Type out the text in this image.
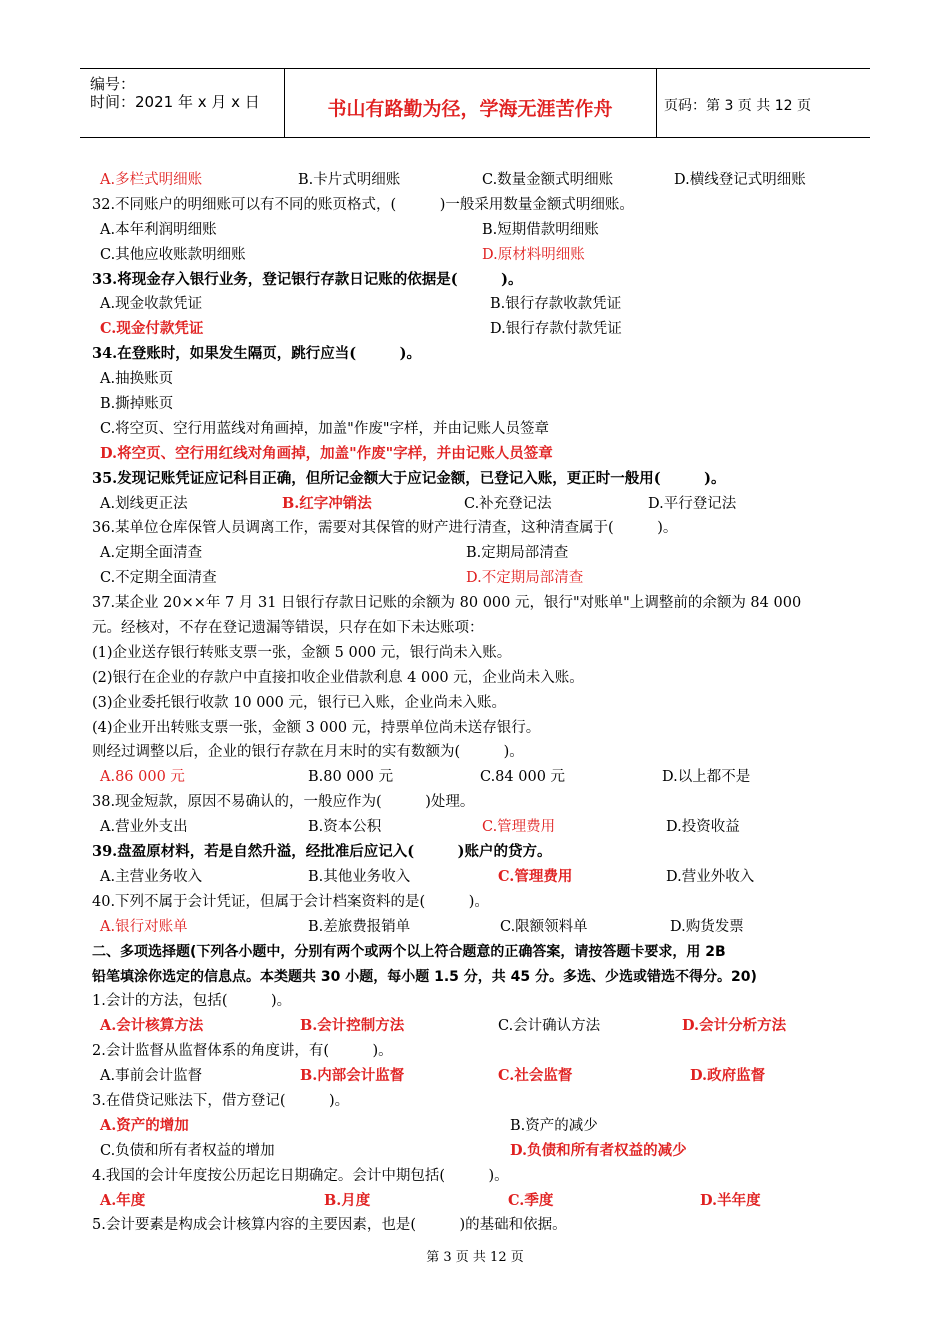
编号：
时间：2021 年 x 月 x 日	书山有路勤为径，学海无涯苦作舟	页码：第 3 页 共 12 页
A.多栏式明细账	B.卡片式明细账	C.数量金额式明细账	D.横线登记式明细账
32.不同账户的明细账可以有不同的账页格式，(　　　)一般采用数量金额式明细账。
A.本年利润明细账	B.短期借款明细账
C.其他应收账款明细账	D.原材料明细账
33.将现金存入银行业务，登记银行存款日记账的依据是(　　　)。
A.现金收款凭证	B.银行存款收款凭证
C.现金付款凭证	D.银行存款付款凭证
34.在登账时，如果发生隔页，跳行应当(　　　)。
A.抽换账页
B.撕掉账页
C.将空页、空行用蓝线对角画掉，加盖"作废"字样，并由记账人员签章
D.将空页、空行用红线对角画掉，加盖"作废"字样，并由记账人员签章
35.发现记账凭证应记科目正确，但所记金额大于应记金额，已登记入账，更正时一般用(　　　)。
A.划线更正法	B.红字冲销法	C.补充登记法	D.平行登记法
36.某单位仓库保管人员调离工作，需要对其保管的财产进行清查，这种清查属于(　　　)。
A.定期全面清查	B.定期局部清查
C.不定期全面清查	D.不定期局部清查
37.某企业 20××年 7 月 31 日银行存款日记账的余额为 80 000 元，银行"对账单"上调整前的余额为 84 000
元。经核对，不存在登记遗漏等错误，只存在如下未达账项：
(1)企业送存银行转账支票一张，金额 5 000 元，银行尚未入账。
(2)银行在企业的存款户中直接扣收企业借款利息 4 000 元，企业尚未入账。
(3)企业委托银行收款 10 000 元，银行已入账，企业尚未入账。
(4)企业开出转账支票一张，金额 3 000 元，持票单位尚未送存银行。
则经过调整以后，企业的银行存款在月末时的实有数额为(　　　)。
A.86 000 元	B.80 000 元	C.84 000 元	D.以上都不是
38.现金短款，原因不易确认的，一般应作为(　　　)处理。
A.营业外支出	B.资本公积	C.管理费用	D.投资收益
39.盘盈原材料，若是自然升溢，经批准后应记入(　　　)账户的贷方。
A.主营业务收入	B.其他业务收入	C.管理费用	D.营业外收入
40.下列不属于会计凭证，但属于会计档案资料的是(　　　)。
A.银行对账单	B.差旅费报销单	C.限额领料单	D.购货发票
二、多项选择题(下列各小题中，分别有两个或两个以上符合题意的正确答案，请按答题卡要求，用 2B
铅笔填涂你选定的信息点。本类题共 30 小题，每小题 1.5 分，共 45 分。多选、少选或错选不得分。20)
1.会计的方法，包括(　　　)。
A.会计核算方法	B.会计控制方法	C.会计确认方法	D.会计分析方法
2.会计监督从监督体系的角度讲，有(　　　)。
A.事前会计监督	B.内部会计监督	C.社会监督	D.政府监督
3.在借贷记账法下，借方登记(　　　)。
A.资产的增加	B.资产的减少
C.负债和所有者权益的增加	D.负债和所有者权益的减少
4.我国的会计年度按公历起讫日期确定。会计中期包括(　　　)。
A.年度	B.月度	C.季度	D.半年度
5.会计要素是构成会计核算内容的主要因素，也是(　　　)的基础和依据。
第 3 页 共 12 页
